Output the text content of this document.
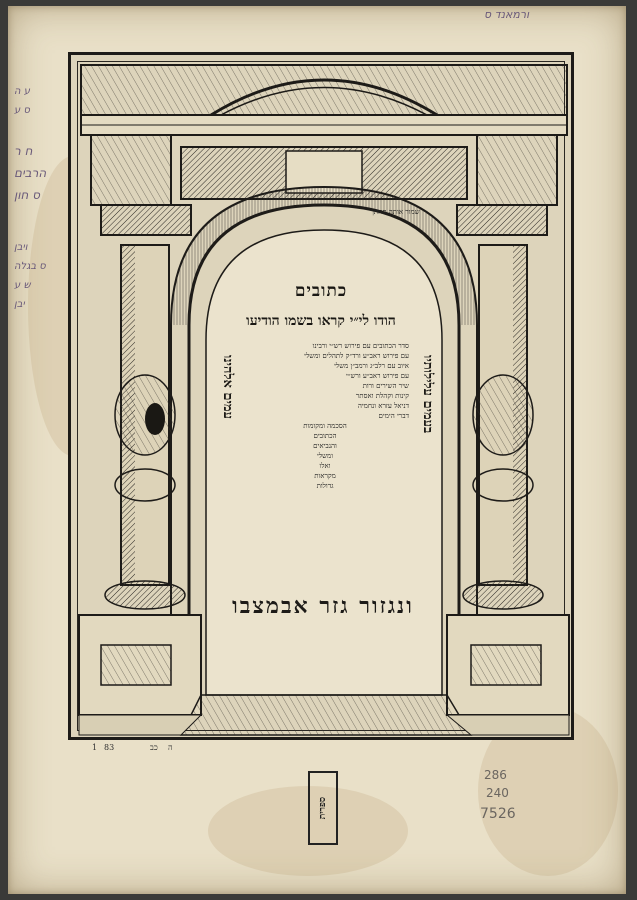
ורמאנד ס
ע ה
ס ע
ח ר
הרבים
ס חון
ויבן
ס בגלה
ש ע
יבן
שמור אותה תחתך
כתובים
הודו לי״י קראו בשמו הודיעו
עמים אלהינו	בעמים עלילותיו
סדר הכתובים עם פירוש רש״י ורבינו
עם פירוש ראב״ע ורד״ק לתהלים ומשלי
איוב עם רלב״ג ורמב״ן משלי
עם פירוש ראב״ע ורש״י
שיר השירים ורות
קינות וקהלת ואסתר
דניאל עזרא ונחמיה
דברי הימים
הסכמה ומקומות
הכתובים
והנביאים
ומשלי
ואלו
מקראות
גדולות
ונגזור גזר אבמצבו
1 83	כב ה
ספרית
286
240
7526
